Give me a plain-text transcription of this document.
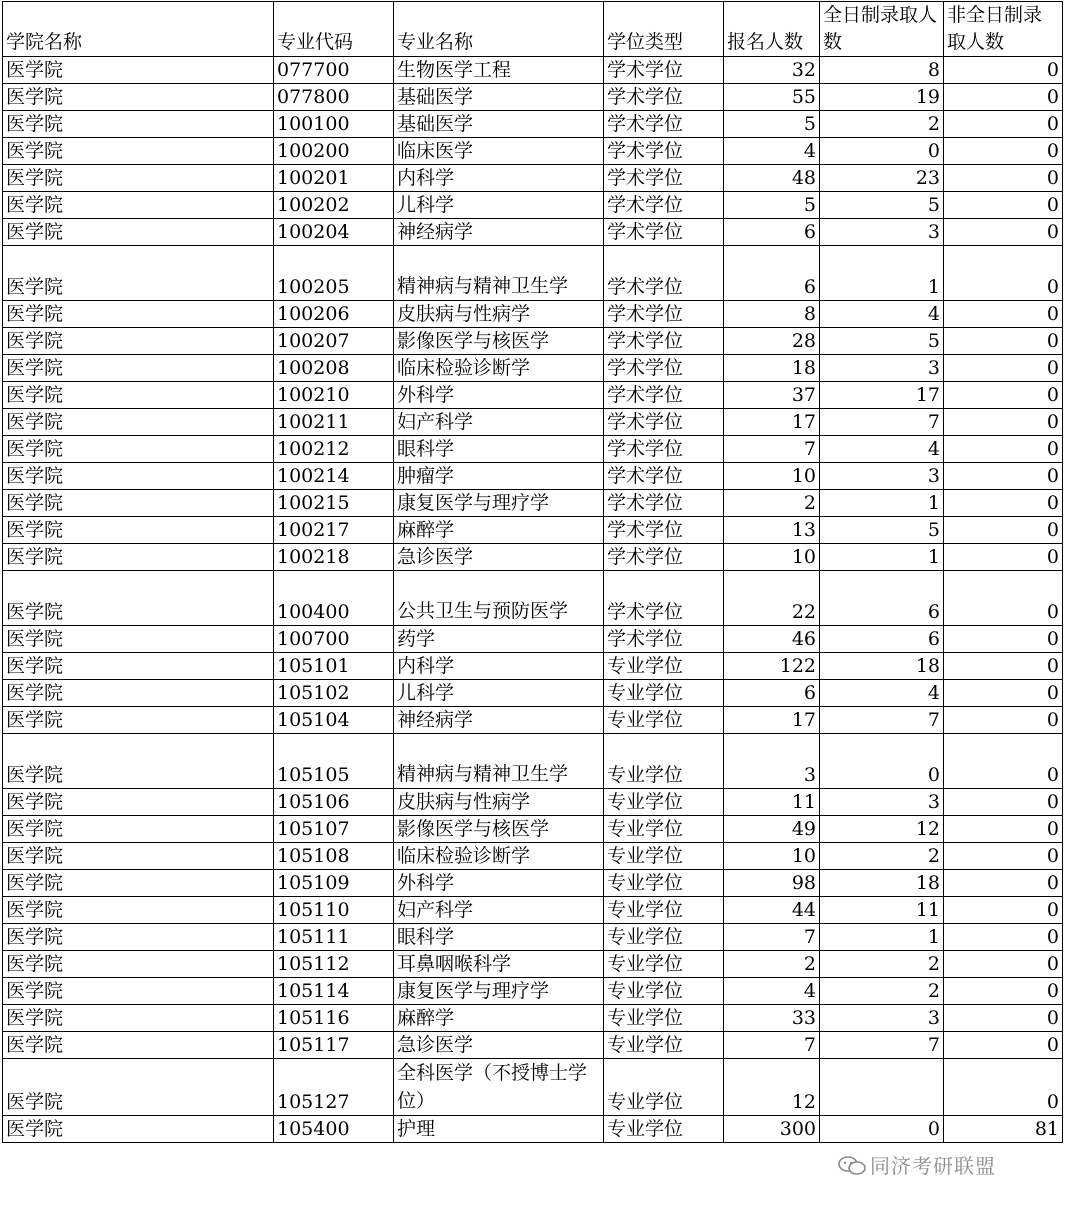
学院名称	专业代码	专业名称	学位类型	报名人数	全日制录取人数	非全日制录取人数
医学院	077700	生物医学工程	学术学位	32	8	0
医学院	077800	基础医学	学术学位	55	19	0
医学院	100100	基础医学	学术学位	5	2	0
医学院	100200	临床医学	学术学位	4	0	0
医学院	100201	内科学	学术学位	48	23	0
医学院	100202	儿科学	学术学位	5	5	0
医学院	100204	神经病学	学术学位	6	3	0
医学院	100205	精神病与精神卫生学	学术学位	6	1	0
医学院	100206	皮肤病与性病学	学术学位	8	4	0
医学院	100207	影像医学与核医学	学术学位	28	5	0
医学院	100208	临床检验诊断学	学术学位	18	3	0
医学院	100210	外科学	学术学位	37	17	0
医学院	100211	妇产科学	学术学位	17	7	0
医学院	100212	眼科学	学术学位	7	4	0
医学院	100214	肿瘤学	学术学位	10	3	0
医学院	100215	康复医学与理疗学	学术学位	2	1	0
医学院	100217	麻醉学	学术学位	13	5	0
医学院	100218	急诊医学	学术学位	10	1	0
医学院	100400	公共卫生与预防医学	学术学位	22	6	0
医学院	100700	药学	学术学位	46	6	0
医学院	105101	内科学	专业学位	122	18	0
医学院	105102	儿科学	专业学位	6	4	0
医学院	105104	神经病学	专业学位	17	7	0
医学院	105105	精神病与精神卫生学	专业学位	3	0	0
医学院	105106	皮肤病与性病学	专业学位	11	3	0
医学院	105107	影像医学与核医学	专业学位	49	12	0
医学院	105108	临床检验诊断学	专业学位	10	2	0
医学院	105109	外科学	专业学位	98	18	0
医学院	105110	妇产科学	专业学位	44	11	0
医学院	105111	眼科学	专业学位	7	1	0
医学院	105112	耳鼻咽喉科学	专业学位	2	2	0
医学院	105114	康复医学与理疗学	专业学位	4	2	0
医学院	105116	麻醉学	专业学位	33	3	0
医学院	105117	急诊医学	专业学位	7	7	0
医学院	105127	全科医学（不授博士学位）	专业学位	12		0
医学院	105400	护理	专业学位	300	0	81
同济考研联盟
